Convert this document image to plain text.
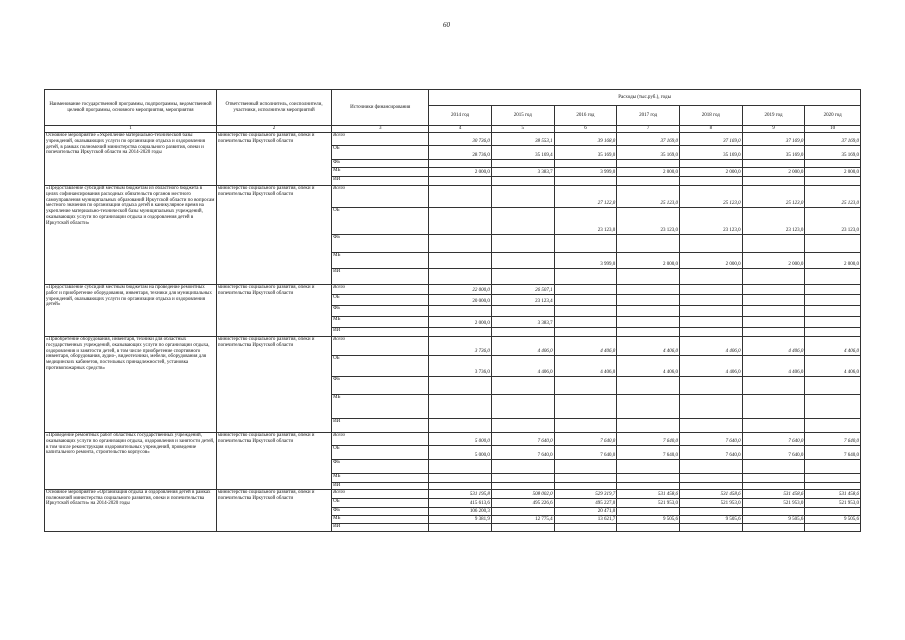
60
Наименование государственной программы, подпрограммы, ведомственной целевой программы, основного мероприятия, мероприятия	Ответственный исполнитель, соисполнители, участники, исполнители мероприятий	Источники финансирования	Расходы (тыс.руб.), годы						
			2014 год	2015 год	2016 год	2017 год	2018 год	2019 год	2020 год
1	2	3	4	5	6	7	8	9	10
Основное мероприятие «Укрепление материально-технической базы учреждений, оказывающих услуги по организации отдыха и оздоровления детей, в рамках полномочий министерства социального развития, опеки и попечительства Иркутской области на 2014-2020 годы	министерство социального развития, опеки и попечительства Иркутской области	Всего	30 736,0	38 553,1	39 168,0	37 169,0	37 169,0	37 169,0	37 169,0
		ОБ	28 736,0	35 169,4	35 169,0	35 169,0	35 169,0	35 169,0	35 169,0
		ФБ							
		МБ	2 000,0	3 383,7	3 999,0	2 000,0	2 000,0	2 000,0	2 000,0
		ИИ							
«Предоставление субсидий местным бюджетам из областного бюджета в целях софинансирования расходных обязательств органов местного самоуправления муниципальных образований Иркутской области по вопросам местного значения по организации отдыха детей в каникулярное время на укрепление материально-технической базы муниципальных учреждений, оказывающих услуги по организации отдыха и оздоровления детей в Иркутской области»	министерство социального развития, опеки и попечительства Иркутской области	Всего			27 122,0	25 123,0	25 123,0	25 123,0	25 123,0
		ОБ			23 123,0	23 123,0	23 123,0	23 123,0	23 123,0
		ФБ							
		МБ			3 999,0	2 000,0	2 000,0	2 000,0	2 000,0
		ИИ							
«Предоставление субсидий местным бюджетам на проведение ремонтных работ и приобретение оборудования, инвентаря, техники для муниципальных учреждений, оказывающих услуги по организации отдыха и оздоровления детей»	министерство социального развития, опеки и попечительства Иркутской области	Всего	22 000,0	26 507,1					
		ОБ	20 000,0	23 123,4					
		ФБ							
		МБ	2 000,0	3 383,7					
		ИИ							
«Приобретение оборудования, инвентаря, техники для областных государственных учреждений, оказывающих услуги по организации отдыха, оздоровления и занятости детей, в том числе приобретение спортивного инвентаря, оборудования, аудио-, видеотехники, мебели, оборудования для медицинских кабинетов, постельных принадлежностей, установка противопожарных средств»	министерство социального развития, опеки и попечительства Иркутской области	Всего	3 736,0	4 406,0	4 406,0	4 406,0	4 406,0	4 406,0	4 406,0
		ОБ	3 736,0	4 406,0	4 406,0	4 406,0	4 406,0	4 406,0	4 406,0
		ФБ							
		МБ							
		ИИ							
«Проведение ремонтных работ областных государственных учреждений, оказывающих услуги по организации отдыха, оздоровления и занятости детей, в том числе реконструкция оздоровительных учреждений, проведение капитального ремонта, строительство корпусов»	министерство социального развития, опеки и попечительства Иркутской области	Всего	5 000,0	7 640,0	7 640,0	7 640,0	7 640,0	7 640,0	7 640,0
		ОБ	5 000,0	7 640,0	7 640,0	7 640,0	7 640,0	7 640,0	7 640,0
		ФБ							
		МБ							
		ИИ							
Основное мероприятие «Организация отдыха и оздоровления детей в рамках полномочий министерства социального развития, опеки и попечительства Иркутской области» на 2014-2020 годы	министерство социального развития, опеки и попечительства Иркутской области	Всего	531 195,8	508 002,0	529 319,7	531 458,6	531 458,6	531 458,6	531 458,6
		ОБ	415 613,6	495 226,6	495 227,0	521 953,0	521 953,0	521 953,0	521 953,0
		ФБ	106 200,3		20 471,0				
		МБ	9 381,9	12 775,4	13 621,7	9 505,6	9 505,6	9 505,6	9 505,6
		ИИ							
